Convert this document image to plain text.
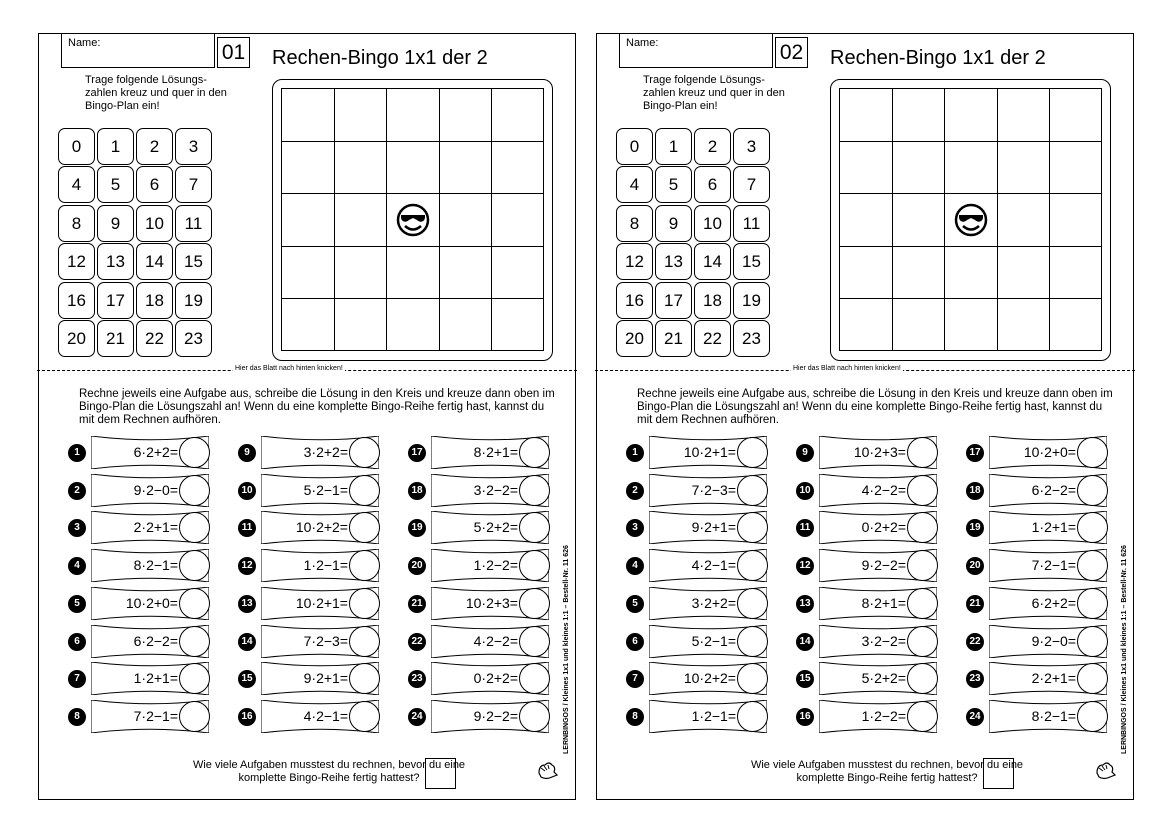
Name:	01 Rechen-Bingo 1x1 der 2
Trage folgende Lösungs-zahlen kreuz und quer in den Bingo-Plan ein!
0	1	2	3
4	5	6	7
8	9	10	11
12	13	14	15
16	17	18	19
20	21	22	23
Hier das Blatt nach hinten knicken!
Rechne jeweils eine Aufgabe aus, schreibe die Lösung in den Kreis und kreuze dann oben im Bingo-Plan die Lösungszahl an! Wenn du eine komplette Bingo-Reihe fertig hast, kannst du mit dem Rechnen aufhören.
1	6·2+2=
2	9·2−0=
3	2·2+1=
4	8·2−1=
5	10·2+0=
6	6·2−2=
7	1·2+1=
8	7·2−1=
9	3·2+2=
10	5·2−1=
11	10·2+2=
12	1·2−1=
13	10·2+1=
14	7·2−3=
15	9·2+1=
16	4·2−1=
17	8·2+1=
18	3·2−2=
19	5·2+2=
20	1·2−2=
21	10·2+3=
22	4·2−2=
23	0·2+2=
24	9·2−2=
Wie viele Aufgaben musstest du rechnen, bevor du eine komplette Bingo-Reihe fertig hattest?
LERNBINGOS / Kleines 1x1 und kleines 1:1 – Bestell-Nr. 11 626
Name:	02 Rechen-Bingo 1x1 der 2
Trage folgende Lösungs-zahlen kreuz und quer in den Bingo-Plan ein!
0	1	2	3
4	5	6	7
8	9	10	11
12	13	14	15
16	17	18	19
20	21	22	23
Hier das Blatt nach hinten knicken!
Rechne jeweils eine Aufgabe aus, schreibe die Lösung in den Kreis und kreuze dann oben im Bingo-Plan die Lösungszahl an! Wenn du eine komplette Bingo-Reihe fertig hast, kannst du mit dem Rechnen aufhören.
1	10·2+1=
2	7·2−3=
3	9·2+1=
4	4·2−1=
5	3·2+2=
6	5·2−1=
7	10·2+2=
8	1·2−1=
9	10·2+3=
10	4·2−2=
11	0·2+2=
12	9·2−2=
13	8·2+1=
14	3·2−2=
15	5·2+2=
16	1·2−2=
17	10·2+0=
18	6·2−2=
19	1·2+1=
20	7·2−1=
21	6·2+2=
22	9·2−0=
23	2·2+1=
24	8·2−1=
Wie viele Aufgaben musstest du rechnen, bevor du eine komplette Bingo-Reihe fertig hattest?
LERNBINGOS / Kleines 1x1 und kleines 1:1 – Bestell-Nr. 11 626
